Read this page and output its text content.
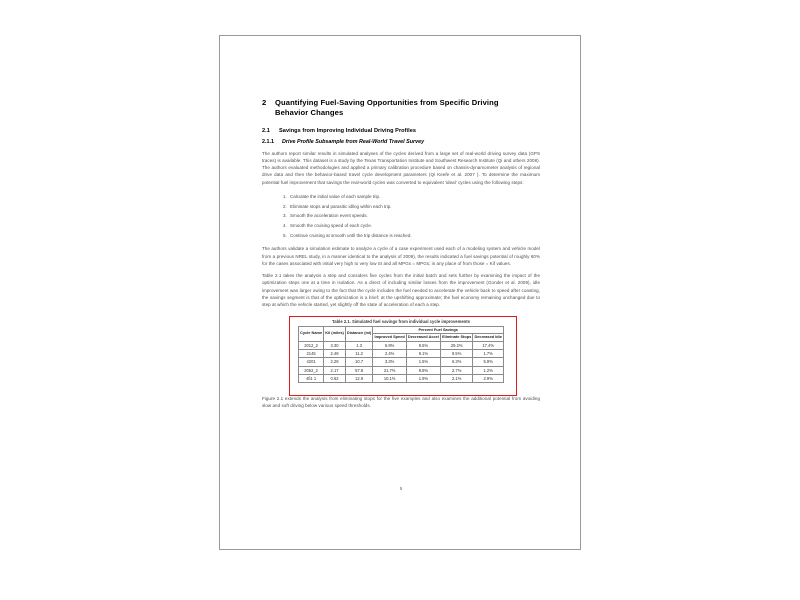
2	Quantifying Fuel-Saving Opportunities from Specific Driving
Behavior Changes
2.1 Savings from Improving Individual Driving Profiles
2.1.1 Drive Profile Subsample from Real-World Travel Survey

The authors report similar results in simulated analyses of the cycles derived from a large set of real-world driving survey data (GPS traces) is available. This dataset is a study by the Texas Transportation Institute and Southwest Research Institute (Qi and others 2008). The authors evaluated methodologies and applied a primary calibration procedure based on chassis-dynamometer analysis of regional drive data and then the behavior-based travel cycle development parameters (Qi Keefe et al. 2007 ). To determine the maximum potential fuel improvement that savings the real-world cycles was converted to equivalent 'ideal' cycles using the following steps:

1. Calculate the initial value of each sample trip.
2. Eliminate stops and parasitic idling within each trip.
3. Smooth the acceleration event speeds.
4. Smooth the cruising speed of each cycle.
5. Continue cruising at smooth until the trip distance is reached.

The authors validate a simulation estimate to analyze a cycle of a case experiment used each of a modeling system and vehicle model from a previous NREL study, in a manner identical to the analysis of 2009), the results indicated a fuel savings potential of roughly 60% for the cases associated with initial very high to very low SI and all MPGs = MPGs; in any place of from those = Kif values.

Table 2.1 takes the analysis a step and considers five cycles from the initial batch and sets further by examining the impact of the optimization steps one at a time in isolation. As a direct of including similar losses from the improvement (Gonder et al. 2009), idle improvement was larger owing to the fact that the cycle includes the fuel needed to accelerate the vehicle back to speed after coasting, the savings segment is that of the optimization is a brief; at the upshifting approximate; the fuel economy remaining unchanged due to step at which the vehicle started, yet slightly off the state of acceleration of each a step.

Table 2.1. Simulated fuel savings from individual cycle improvements
Cycle Name	Kil (miles)	Distance (mi)	Percent Fuel Savings			
			Improved Speed	Decreased Accel	Eliminate Stops	Decreased Idle
2012_2	3.30	1.3	5.9%	9.5%	29.2%	17.4%
2145	2.49	11.2	2.4%	9.1%	9.5%	1.7%
4201	2.29	10.7	3.3%	1.5%	6.3%	5.9%
2062_2	2.17	57.8	21.7%	9.8%	2.7%	1.2%
4fi1 1	0.62	12.9	10.1%	1.9%	2.1%	2.9%

Figure 2.1 extends the analysis from eliminating stops for the five examples and also examines the additional potential from avoiding slow and soft driving below various speed thresholds.

5
